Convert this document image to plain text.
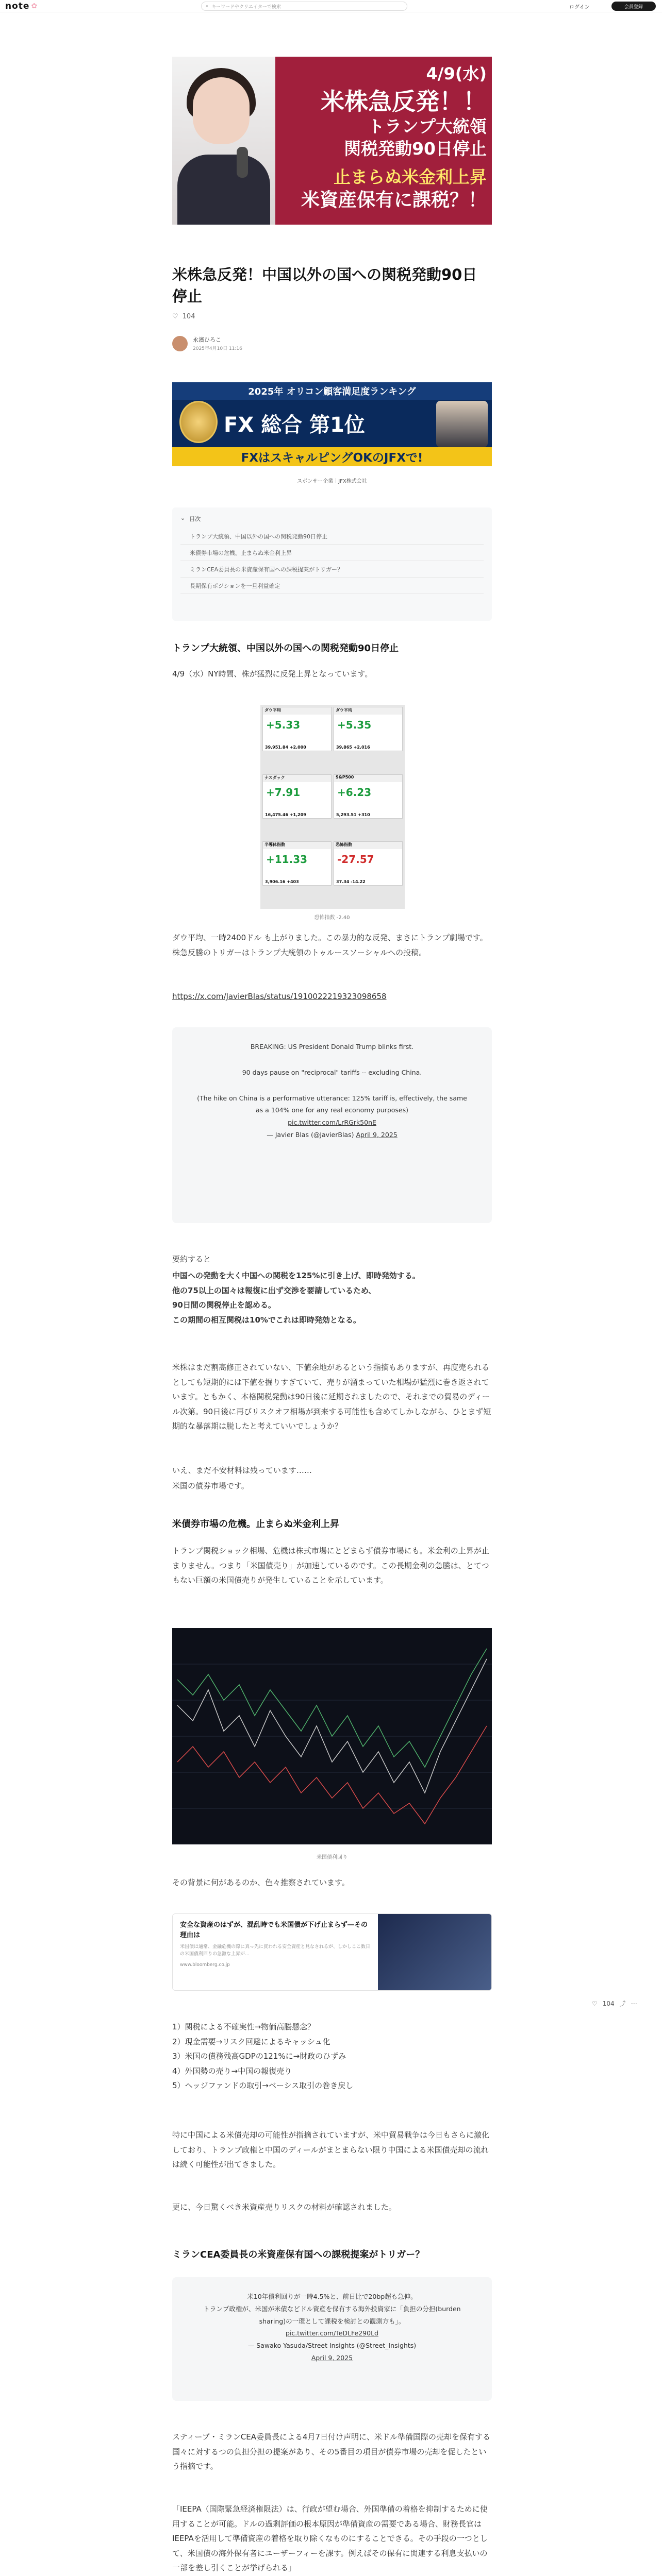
note ✿	⌕ キーワードやクリエイターで検索	ログイン	会員登録
4/9(水)
米株急反発！！
トランプ大統領
関税発動90日停止
止まらぬ米金利上昇
米資産保有に課税？！
米株急反発！中国以外の国への関税発動90日停止
♡ 104
永濱ひろこ
2025年4月10日 11:16
2025年 オリコン顧客満足度ランキング
FX 総合 第1位
FXはスキャルピングOKのJFXで!
スポンサー企業｜JFX株式会社
⌄ 目次
トランプ大統領、中国以外の国への関税発動90日停止
米債券市場の危機。止まらぬ米金利上昇
ミランCEA委員長の米資産保有国への課税提案がトリガー？
長期保有ポジションを一旦利益確定
トランプ大統領、中国以外の国への関税発動90日停止

4/9（水）NY時間、株が猛烈に反発上昇となっています。

ダウ平均
+5.33
39,951.84 +2,000
ダウ平均
+5.35
39,865 +2,016
ナスダック
+7.91
16,475.46 +1,209
S&P500
+6.23
5,293.51 +310
半導体指数
+11.33
3,906.16 +403
恐怖指数
-27.57
37.34 -14.22
恐怖指数 -2.40

ダウ平均、一時2400ドル も上がりました。この暴力的な反発、まさにトランプ劇場です。株急反騰のトリガーはトランプ大統領のトゥルースソーシャルへの投稿。

https://x.com/JavierBlas/status/1910022219323098658

BREAKING: US President Donald Trump blinks first.

90 days pause on "reciprocal" tariffs -- excluding China.

(The hike on China is a performative utterance: 125% tariff is, effectively, the same as a 104% one for any real economy purposes)

pic.twitter.com/LrRGrk50nE

— Javier Blas (@JavierBlas) April 9, 2025

要約すると

中国への発動を大く中国への関税を125%に引き上げ、即時発効する。

他の75以上の国々は報復に出ず交渉を要請しているため、

90日間の関税停止を認める。

この期間の相互関税は10%でこれは即時発効となる。

米株はまだ割高修正されていない、下値余地があるという指摘もありますが、再度売られるとしても短期的には下値を掘りすぎていて、売りが溜まっていた相場が猛烈に巻き返されています。ともかく、本格関税発動は90日後に延期されましたので、それまでの貿易のディール次第。90日後に再びリスクオフ相場が到来する可能性も含めてしかしながら、ひとまず短期的な暴落期は脱したと考えていいでしょうか？

いえ、まだ不安材料は残っています……

米国の債券市場です。

米債券市場の危機。止まらぬ米金利上昇

トランプ関税ショック相場、危機は株式市場にとどまらず債券市場にも。米金利の上昇が止まりません。つまり「米国債売り」が加速しているのです。この長期金利の急騰は、とてつもない巨額の米国債売りが発生していることを示しています。

米国債利回り

その背景に何があるのか、色々推察されています。

安全な資産のはずが、混乱時でも米国債が下げ止まらず―その理由は
米国債は通常、金融危機の際に真っ先に買われる安全資産と見なされるが、しかしここ数日の米国債利回りの急激な上昇が...
www.bloomberg.co.jp
♡ 104 ⤴ ⋯

1）関税による不確実性→物価高騰懸念？

2）現金需要→リスク回避によるキャッシュ化

3）米国の債務残高GDPの121%に→財政のひずみ

4）外国勢の売り→中国の報復売り

5）ヘッジファンドの取引→ベーシス取引の巻き戻し

特に中国による米債売却の可能性が指摘されていますが、米中貿易戦争は今日もさらに激化しており、トランプ政権と中国のディールがまとまらない限り中国による米国債売却の流れは続く可能性が出てきました。

更に、今日驚くべき米資産売りリスクの材料が確認されました。

ミランCEA委員長の米資産保有国への課税提案がトリガー？

米10年債利回りが一時4.5%と、前日比で20bp超も急伸。

トランプ政権が、米国が米債などドル資産を保有する海外投資家に「負担の分担(burden sharing)の一環として課税を検討との観測方も」。

pic.twitter.com/TeDLFe290Ld

— Sawako Yasuda/Street Insights (@Street_Insights)

April 9, 2025

スティーブ・ミランCEA委員長による4月7日付け声明に、米ドル準備国際の売却を保有する国々に対するつの負担分担の提案があり、その5番目の項目が債券市場の売却を促したという指摘です。

「IEEPA（国際緊急経済権限法）は、行政が望む場合、外国準備の着格を抑制するために使用することが可能。ドルの過剰評価の根本原因が準備資産の需要である場合、財務長官はIEEPAを活用して準備資産の着格を取り除くなものにすることできる。その手段の一つとして、米国債の海外保有者にユーザーフィーを課す。例えばその保有に関連する利息支払いの一部を差し引くことが挙げられる」
